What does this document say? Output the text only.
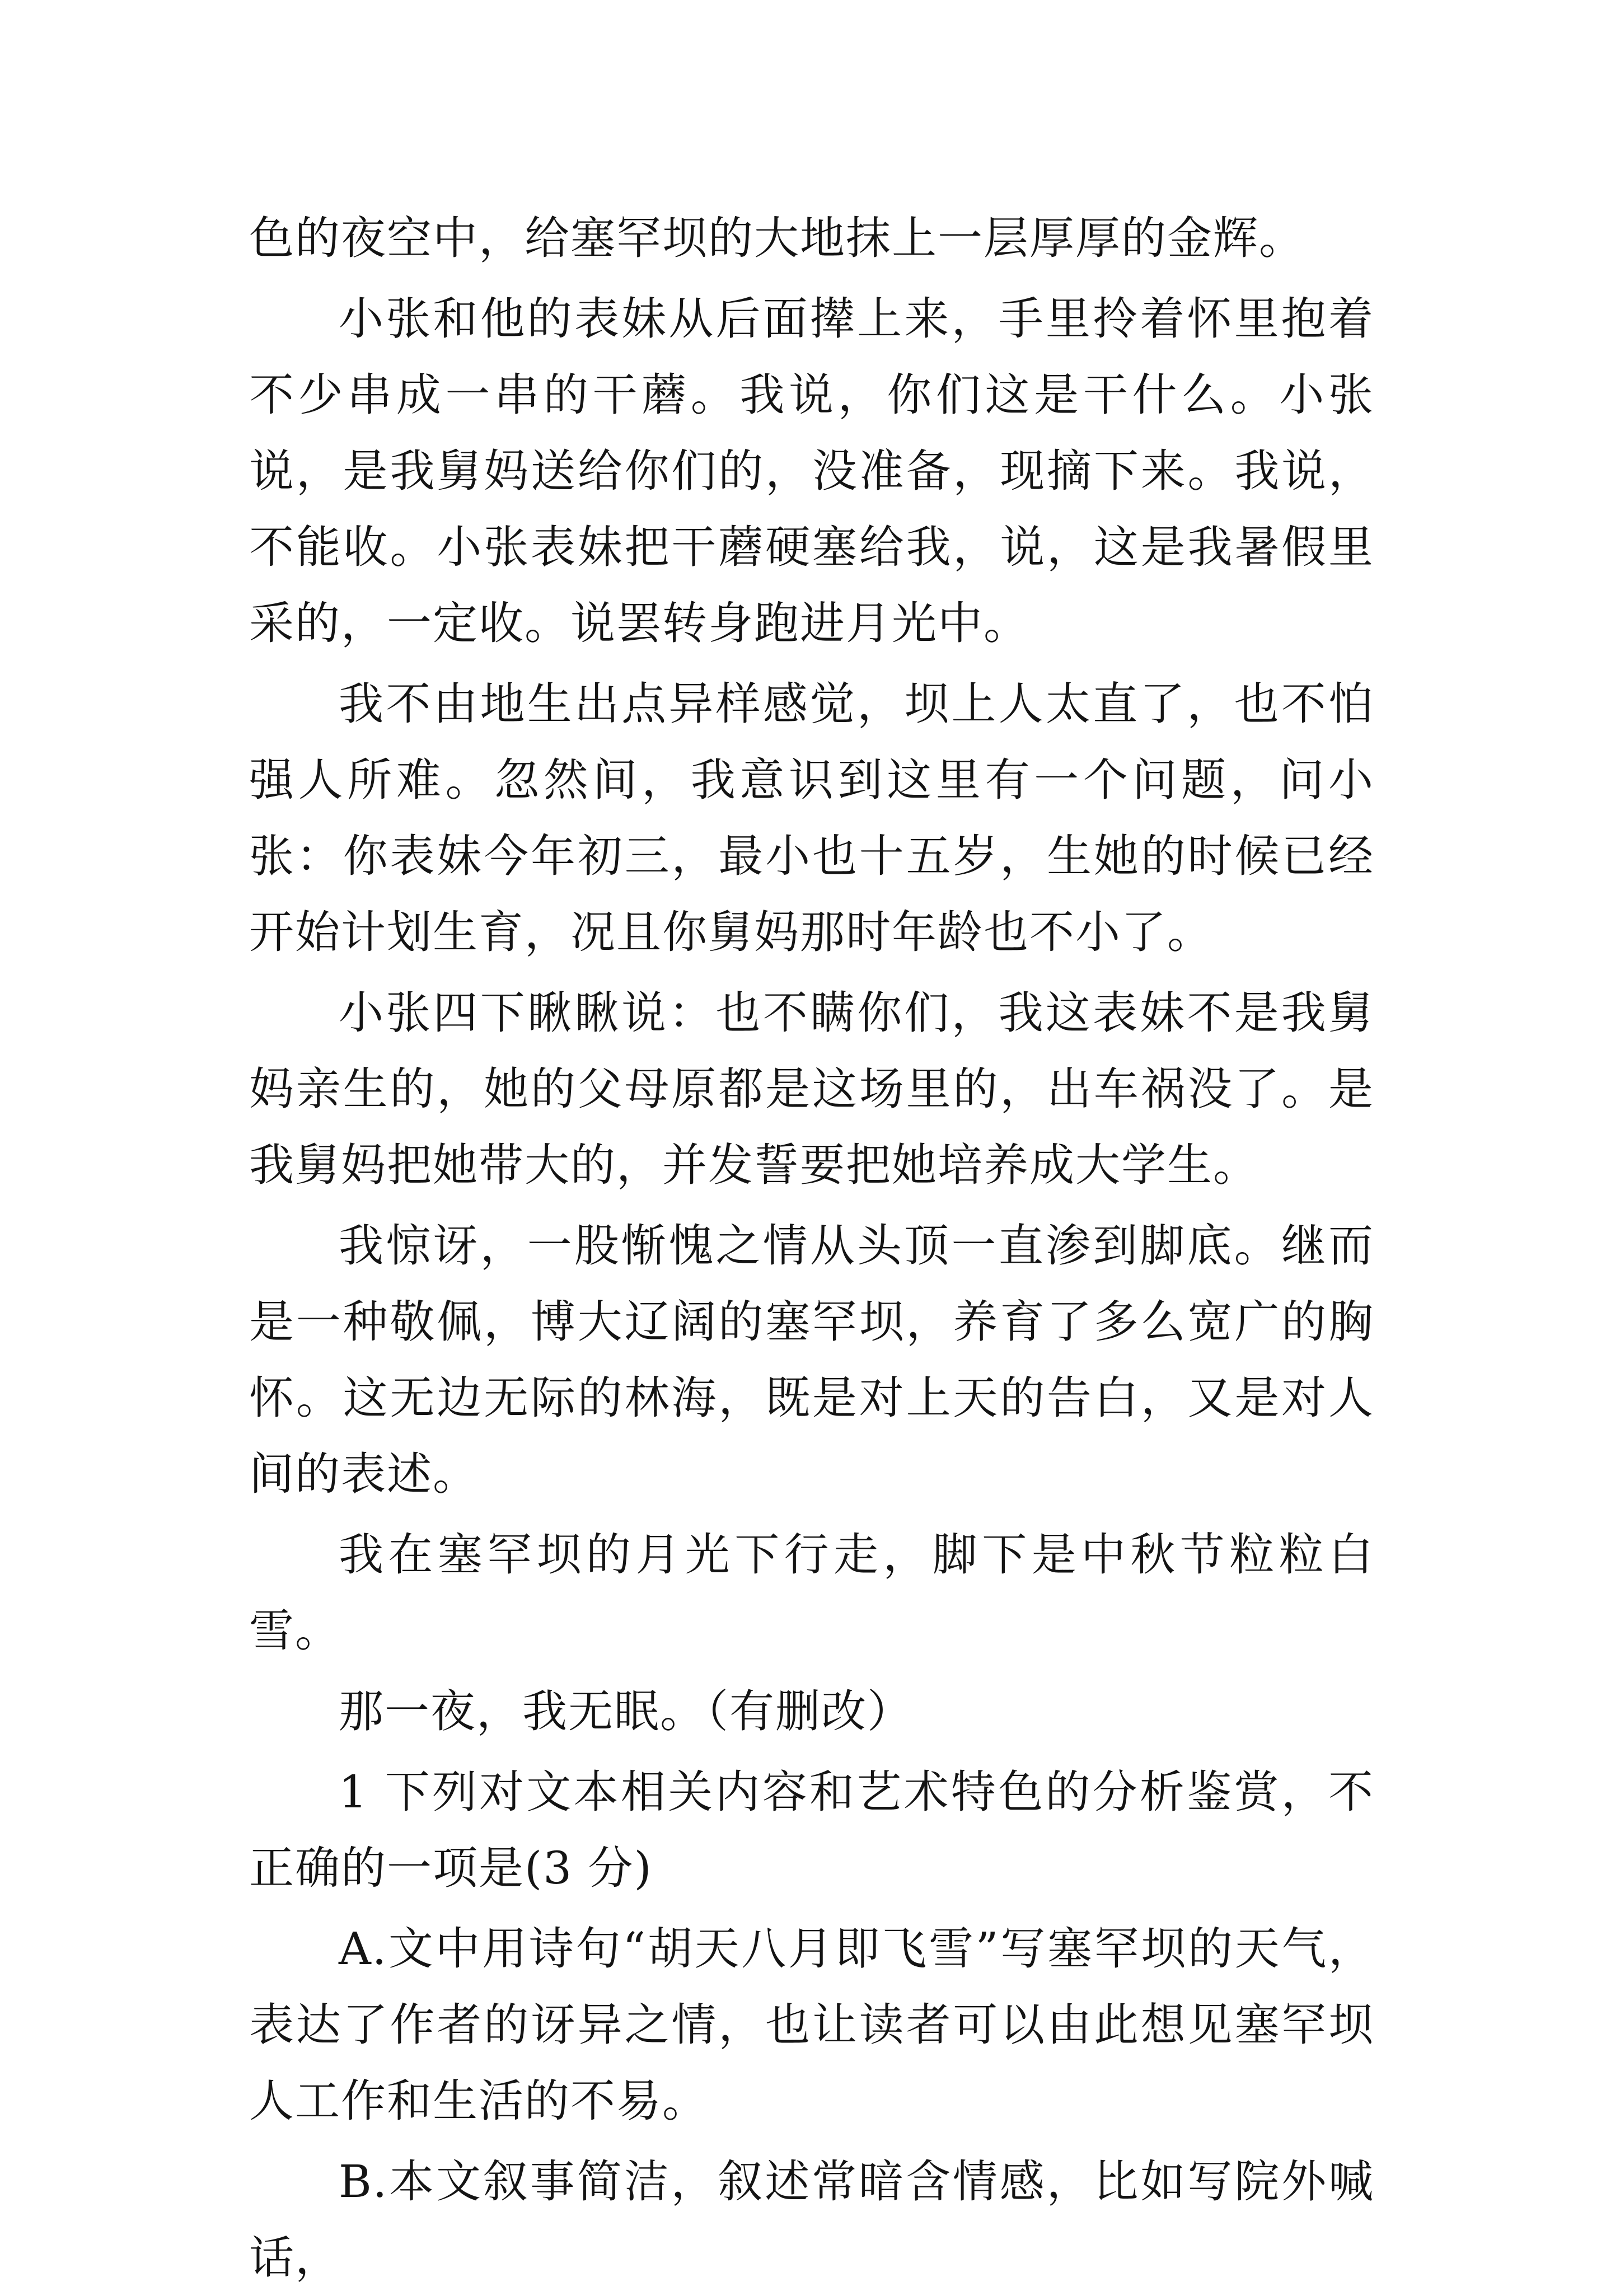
色的夜空中，给塞罕坝的大地抹上一层厚厚的金辉。

小张和他的表妹从后面撵上来，手里拎着怀里抱着不少串成一串的干蘑。我说，你们这是干什么。小张说，是我舅妈送给你们的，没准备，现摘下来。我说，不能收。小张表妹把干蘑硬塞给我，说，这是我暑假里采的，一定收。说罢转身跑进月光中。

我不由地生出点异样感觉，坝上人太直了，也不怕强人所难。忽然间，我意识到这里有一个问题，问小张：你表妹今年初三，最小也十五岁，生她的时候已经开始计划生育，况且你舅妈那时年龄也不小了。

小张四下瞅瞅说：也不瞒你们，我这表妹不是我舅妈亲生的，她的父母原都是这场里的，出车祸没了。是我舅妈把她带大的，并发誓要把她培养成大学生。

我惊讶，一股惭愧之情从头顶一直渗到脚底。继而是一种敬佩，博大辽阔的塞罕坝，养育了多么宽广的胸怀。这无边无际的林海，既是对上天的告白，又是对人间的表述。

我在塞罕坝的月光下行走，脚下是中秋节粒粒白雪。

那一夜，我无眠。（有删改）

1 下列对文本相关内容和艺术特色的分析鉴赏，不正确的一项是(3 分)

A.文中用诗句“胡天八月即飞雪”写塞罕坝的天气，表达了作者的讶异之情，也让读者可以由此想见塞罕坝人工作和生活的不易。

B.本文叙事简洁，叙述常暗含情感，比如写院外喊话，
